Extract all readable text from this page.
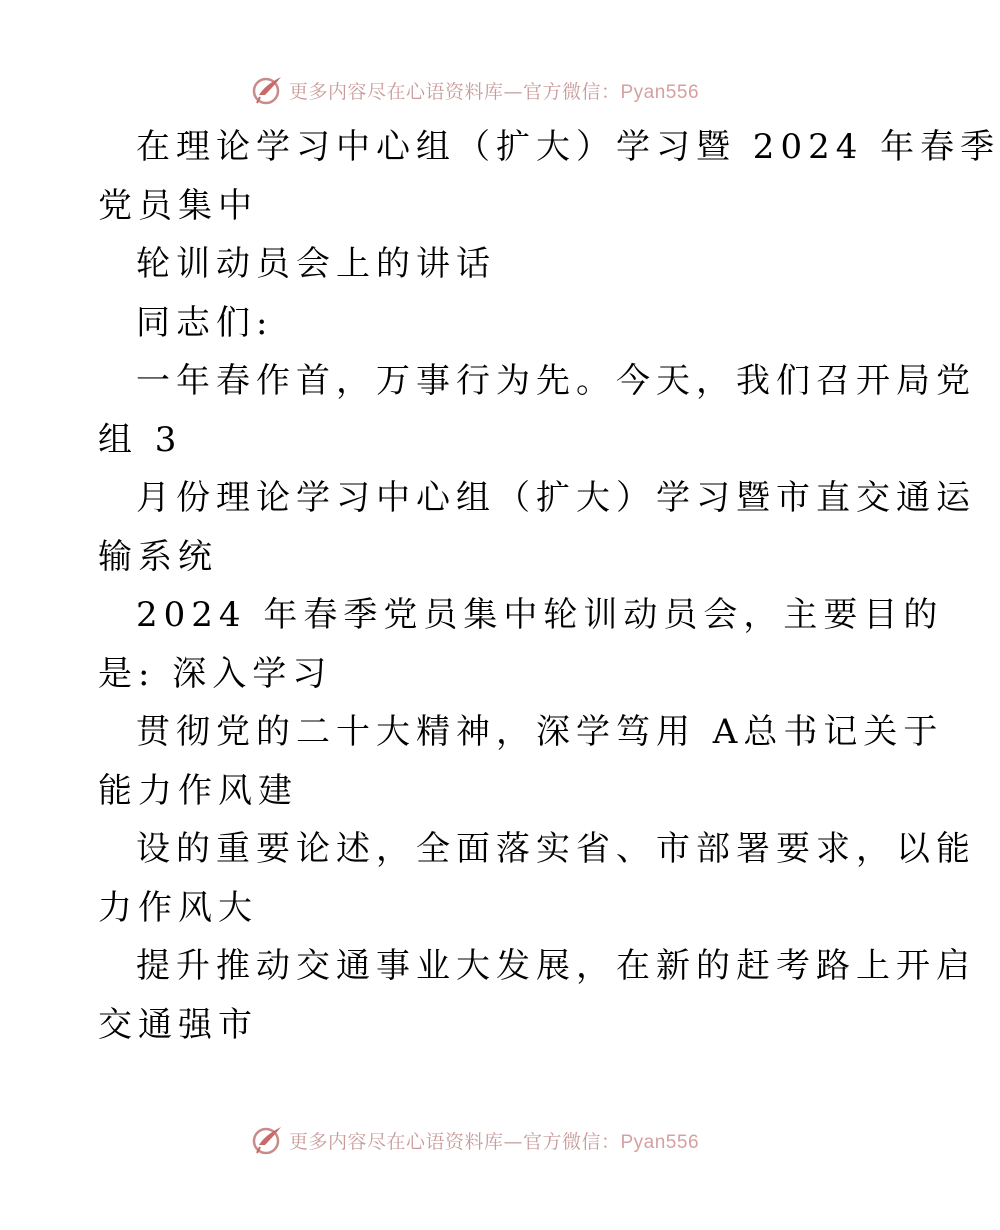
更多内容尽在心语资料库—官方微信：Pyan556
在理论学习中心组（扩大）学习暨 2024 年春季
党员集中
轮训动员会上的讲话
同志们:
一年春作首，万事行为先。今天，我们召开局党
组 3
月份理论学习中心组（扩大）学习暨市直交通运
输系统
2024 年春季党员集中轮训动员会，主要目的
是: 深入学习
贯彻党的二十大精神，深学笃用 A总书记关于
能力作风建
设的重要论述，全面落实省、市部署要求，以能
力作风大
提升推动交通事业大发展，在新的赶考路上开启
交通强市
更多内容尽在心语资料库—官方微信：Pyan556
